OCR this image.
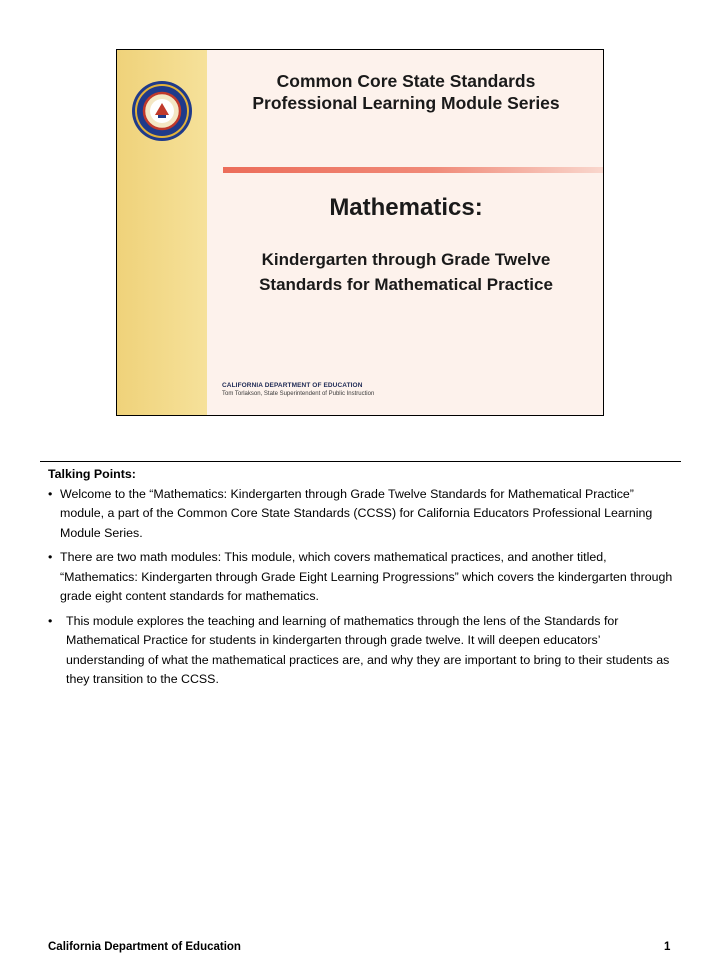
Common Core State Standards
Professional Learning Module Series
Mathematics:
Kindergarten through Grade Twelve
Standards for Mathematical Practice
CALIFORNIA DEPARTMENT OF EDUCATION
Tom Torlakson, State Superintendent of Public Instruction
Talking Points:
• Welcome to the “Mathematics: Kindergarten through Grade Twelve Standards for Mathematical Practice” module, a part of the Common Core State Standards (CCSS) for California Educators Professional Learning Module Series.
• There are two math modules: This module, which covers mathematical practices, and another titled, “Mathematics: Kindergarten through Grade Eight Learning Progressions” which covers the kindergarten through grade eight content standards for mathematics.
•	This module explores the teaching and learning of mathematics through the lens of the Standards for Mathematical Practice for students in kindergarten through grade twelve. It will deepen educators’ understanding of what the mathematical practices are, and why they are important to bring to their students as they transition to the CCSS.
California Department of Education	1
